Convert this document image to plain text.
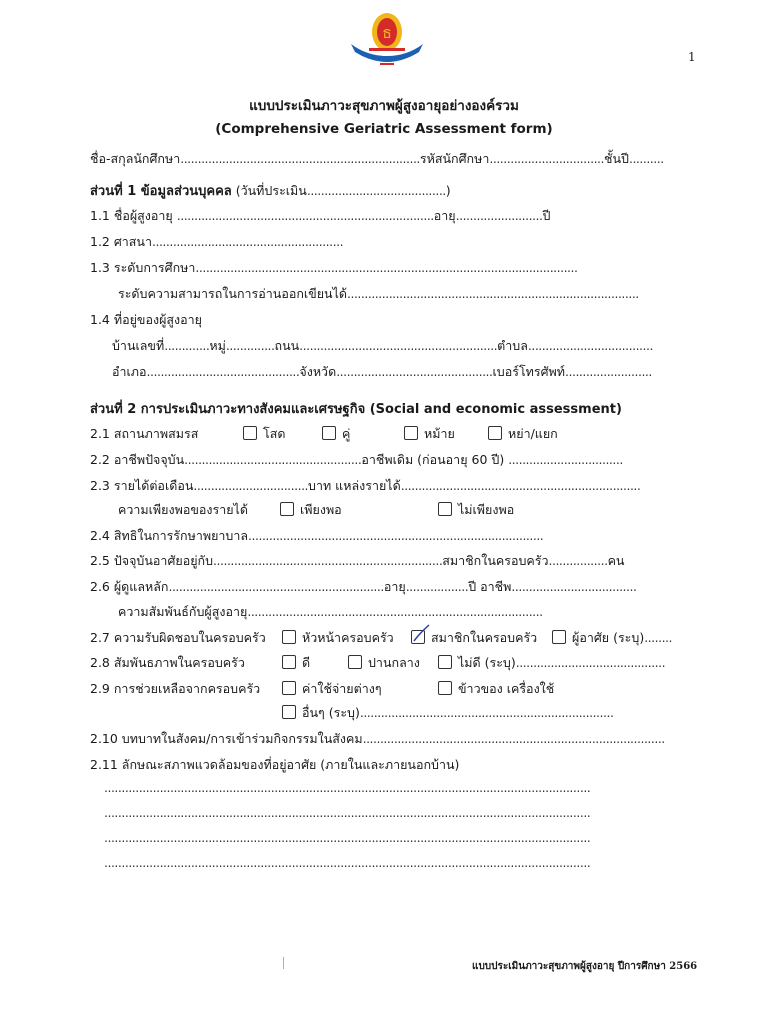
ธ
1
แบบประเมินภาวะสุขภาพผู้สูงอายุอย่างองค์รวม
(Comprehensive Geriatric Assessment form)
ชื่อ-สกุลนักศึกษา.....................................................................รหัสนักศึกษา.................................ชั้นปี..........
ส่วนที่ 1 ข้อมูลส่วนบุคคล (วันที่ประเมิน........................................)
1.1 ชื่อผู้สูงอายุ ..........................................................................อายุ.........................ปี
1.2 ศาสนา.......................................................
1.3 ระดับการศึกษา..............................................................................................................
ระดับความสามารถในการอ่านออกเขียนได้....................................................................................
1.4 ที่อยู่ของผู้สูงอายุ
บ้านเลขที่.............หมู่..............ถนน.........................................................ตำบล....................................
อำเภอ............................................จังหวัด.............................................เบอร์โทรศัพท์.........................
ส่วนที่ 2 การประเมินภาวะทางสังคมและเศรษฐกิจ (Social and economic assessment)
2.1 สถานภาพสมรส	โสด	คู่	หม้าย	หย่า/แยก
2.2 อาชีพปัจจุบัน...................................................อาชีพเดิม (ก่อนอายุ 60 ปี) .................................
2.3 รายได้ต่อเดือน.................................บาท แหล่งรายได้.....................................................................
ความเพียงพอของรายได้	เพียงพอ	ไม่เพียงพอ
2.4 สิทธิในการรักษาพยาบาล.....................................................................................
2.5 ปัจจุบันอาศัยอยู่กับ..................................................................สมาชิกในครอบครัว.................คน
2.6 ผู้ดูแลหลัก..............................................................อายุ..................ปี อาชีพ....................................
ความสัมพันธ์กับผู้สูงอายุ.....................................................................................
2.7 ความรับผิดชอบในครอบครัว	หัวหน้าครอบครัว	สมาชิกในครอบครัว	ผู้อาศัย (ระบุ)........
2.8 สัมพันธภาพในครอบครัว	ดี	ปานกลาง	ไม่ดี (ระบุ)...........................................
2.9 การช่วยเหลือจากครอบครัว	ค่าใช้จ่ายต่างๆ	ข้าวของ เครื่องใช้
อื่นๆ (ระบุ).........................................................................
2.10 บทบาทในสังคม/การเข้าร่วมกิจกรรมในสังคม.......................................................................................
2.11 ลักษณะสภาพแวดล้อมของที่อยู่อาศัย (ภายในและภายนอกบ้าน)
............................................................................................................................................
............................................................................................................................................
............................................................................................................................................
............................................................................................................................................
แบบประเมินภาวะสุขภาพผู้สูงอายุ ปีการศึกษา 2566
